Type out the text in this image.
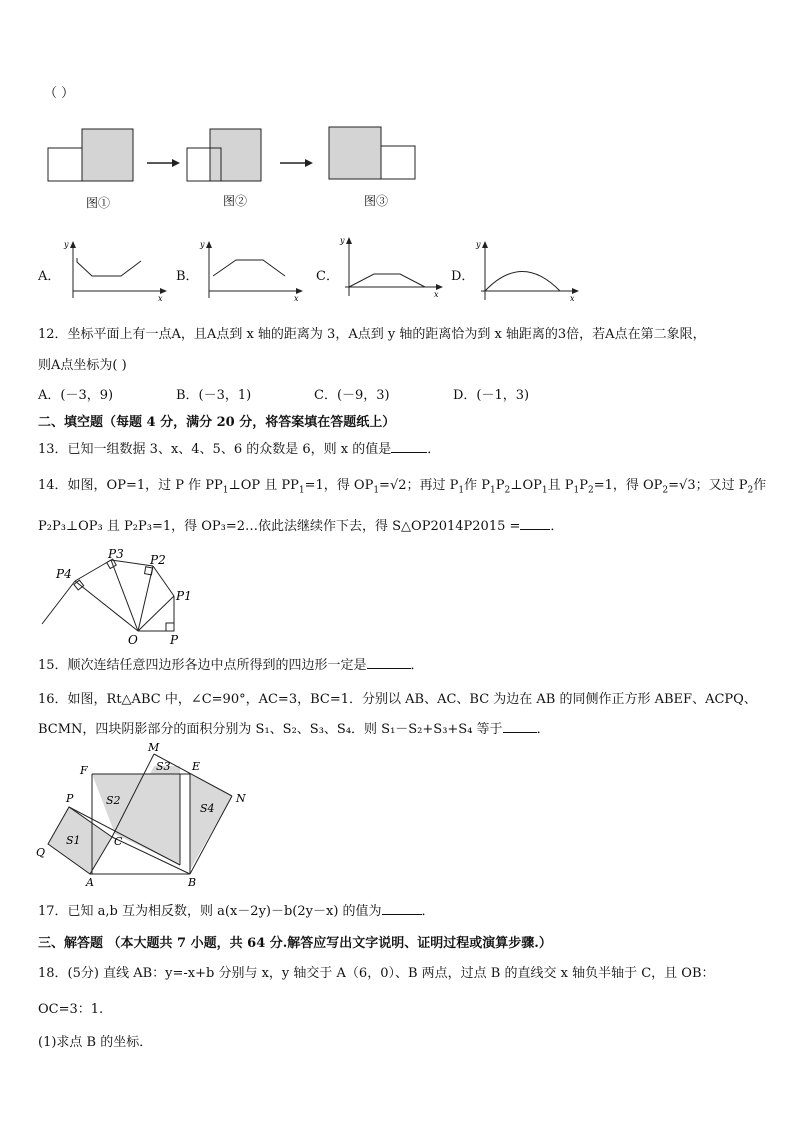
（ ）
图①	图②	图③
A．
y
x
B．
y
x
C．
y
x
D．
y
x
12．坐标平面上有一点A，且A点到 x 轴的距离为 3，A点到 y 轴的距离恰为到 x 轴距离的3倍，若A点在第二象限，
则A点坐标为( )
A．(－3，9)	B．(－3，1)	C．(－9，3)	D．(－1，3)
二、填空题（每题 4 分，满分 20 分，将答案填在答题纸上）
13．已知一组数据 3、x、4、5、6 的众数是 6，则 x 的值是	．
14．如图，OP=1，过 P 作 $PP_1\perp OP$ 且 $PP_1=1$，得 $OP_1=√2$；再过 $P_1$作 $P_1P_2\perp OP_1$且 $P_1P_2=1$，得 $OP_2=√3$；又过 $P_2$作
P₂P₃⊥OP₃ 且 P₂P₃=1，得 OP₃=2…依此法继续作下去，得 S△OP2014P2015 = ．
P4
P3 P2
P1
O	P
15．顺次连结任意四边形各边中点所得到的四边形一定是	．
16．如图，Rt△ABC 中，∠C=90°，AC=3，BC=1．分别以 AB、AC、BC 为边在 AB 的同侧作正方形 ABEF、ACPQ、
BCMN，四块阴影部分的面积分别为 S₁、S₂、S₃、S₄．则 S₁－S₂+S₃+S₄ 等于	．
M
F	S3 E
P	S2
S4
N
S1	C
Q
A	B
17．已知 a,b 互为相反数，则 a(x－2y)－b(2y－x) 的值为	．
三、解答题 （本大题共 7 小题，共 64 分.解答应写出文字说明、证明过程或演算步骤.）
18．(5分) 直线 AB：y=-x+b 分别与 x，y 轴交于 A（6，0）、B 两点，过点 B 的直线交 x 轴负半轴于 C，且 OB：
OC=3：1.
(1)求点 B 的坐标．
